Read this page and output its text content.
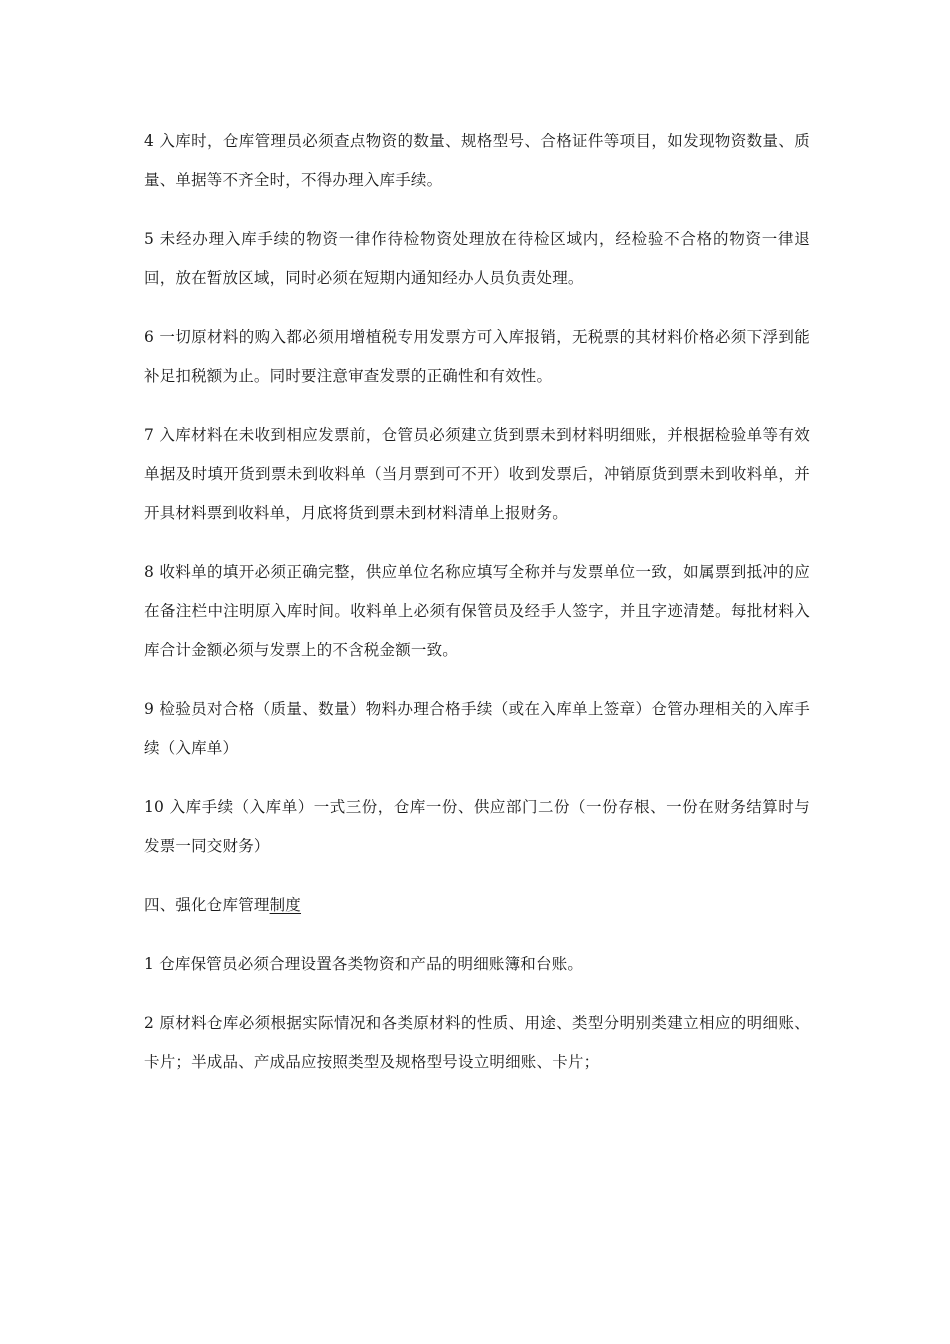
4 入库时，仓库管理员必须查点物资的数量、规格型号、合格证件等项目，如发现物资数量、质量、单据等不齐全时，不得办理入库手续。

5 未经办理入库手续的物资一律作待检物资处理放在待检区域内，经检验不合格的物资一律退回，放在暂放区域，同时必须在短期内通知经办人员负责处理。

6 一切原材料的购入都必须用增植税专用发票方可入库报销，无税票的其材料价格必须下浮到能补足扣税额为止。同时要注意审查发票的正确性和有效性。

7 入库材料在未收到相应发票前，仓管员必须建立货到票未到材料明细账，并根据检验单等有效单据及时填开货到票未到收料单（当月票到可不开）收到发票后，冲销原货到票未到收料单，并开具材料票到收料单，月底将货到票未到材料清单上报财务。

8 收料单的填开必须正确完整，供应单位名称应填写全称并与发票单位一致，如属票到抵冲的应在备注栏中注明原入库时间。收料单上必须有保管员及经手人签字，并且字迹清楚。每批材料入库合计金额必须与发票上的不含税金额一致。

9 检验员对合格（质量、数量）物料办理合格手续（或在入库单上签章）仓管办理相关的入库手续（入库单）

10 入库手续（入库单）一式三份，仓库一份、供应部门二份（一份存根、一份在财务结算时与发票一同交财务）

四、强化仓库管理制度

1 仓库保管员必须合理设置各类物资和产品的明细账簿和台账。

2 原材料仓库必须根据实际情况和各类原材料的性质、用途、类型分明别类建立相应的明细账、卡片；半成品、产成品应按照类型及规格型号设立明细账、卡片；
